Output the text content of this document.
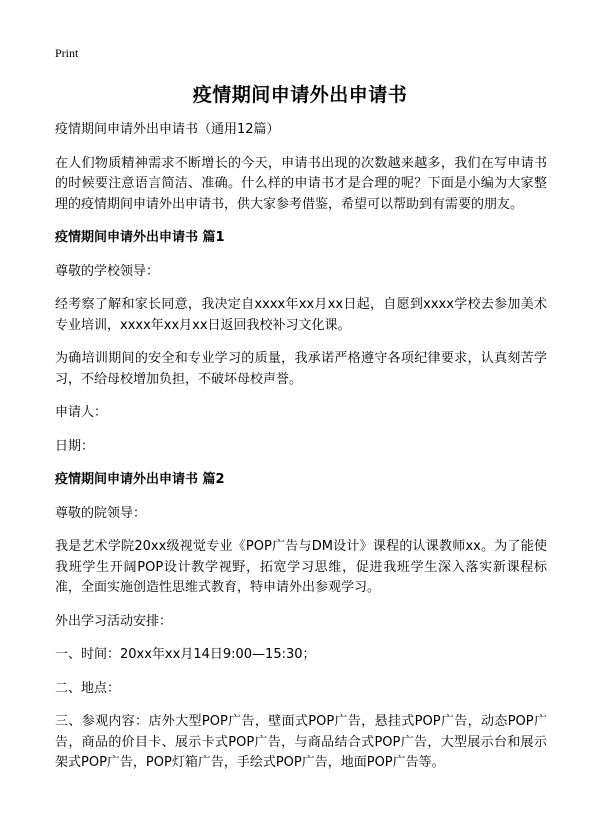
Print
疫情期间申请外出申请书

疫情期间申请外出申请书（通用12篇）

在人们物质精神需求不断增长的今天，申请书出现的次数越来越多，我们在写申请书的时候要注意语言简洁、准确。什么样的申请书才是合理的呢？下面是小编为大家整理的疫情期间申请外出申请书，供大家参考借鉴，希望可以帮助到有需要的朋友。

疫情期间申请外出申请书 篇1

尊敬的学校领导：

经考察了解和家长同意，我决定自xxxx年xx月xx日起，自愿到xxxx学校去参加美术专业培训，xxxx年xx月xx日返回我校补习文化课。

为确培训期间的安全和专业学习的质量，我承诺严格遵守各项纪律要求，认真刻苦学习，不给母校增加负担，不破坏母校声誉。

申请人：

日期：

疫情期间申请外出申请书 篇2

尊敬的院领导：

我是艺术学院20xx级视觉专业《POP广告与DM设计》课程的认课教师xx。为了能使我班学生开阔POP设计教学视野，拓宽学习思维，促进我班学生深入落实新课程标准，全面实施创造性思维式教育，特申请外出参观学习。

外出学习活动安排：

一、时间：20xx年xx月14日9:00—15:30；

二、地点：

三、参观内容：店外大型POP广告，壁面式POP广告，悬挂式POP广告，动态POP广告，商品的价目卡、展示卡式POP广告，与商品结合式POP广告，大型展示台和展示架式POP广告，POP灯箱广告，手绘式POP广告，地面POP广告等。
